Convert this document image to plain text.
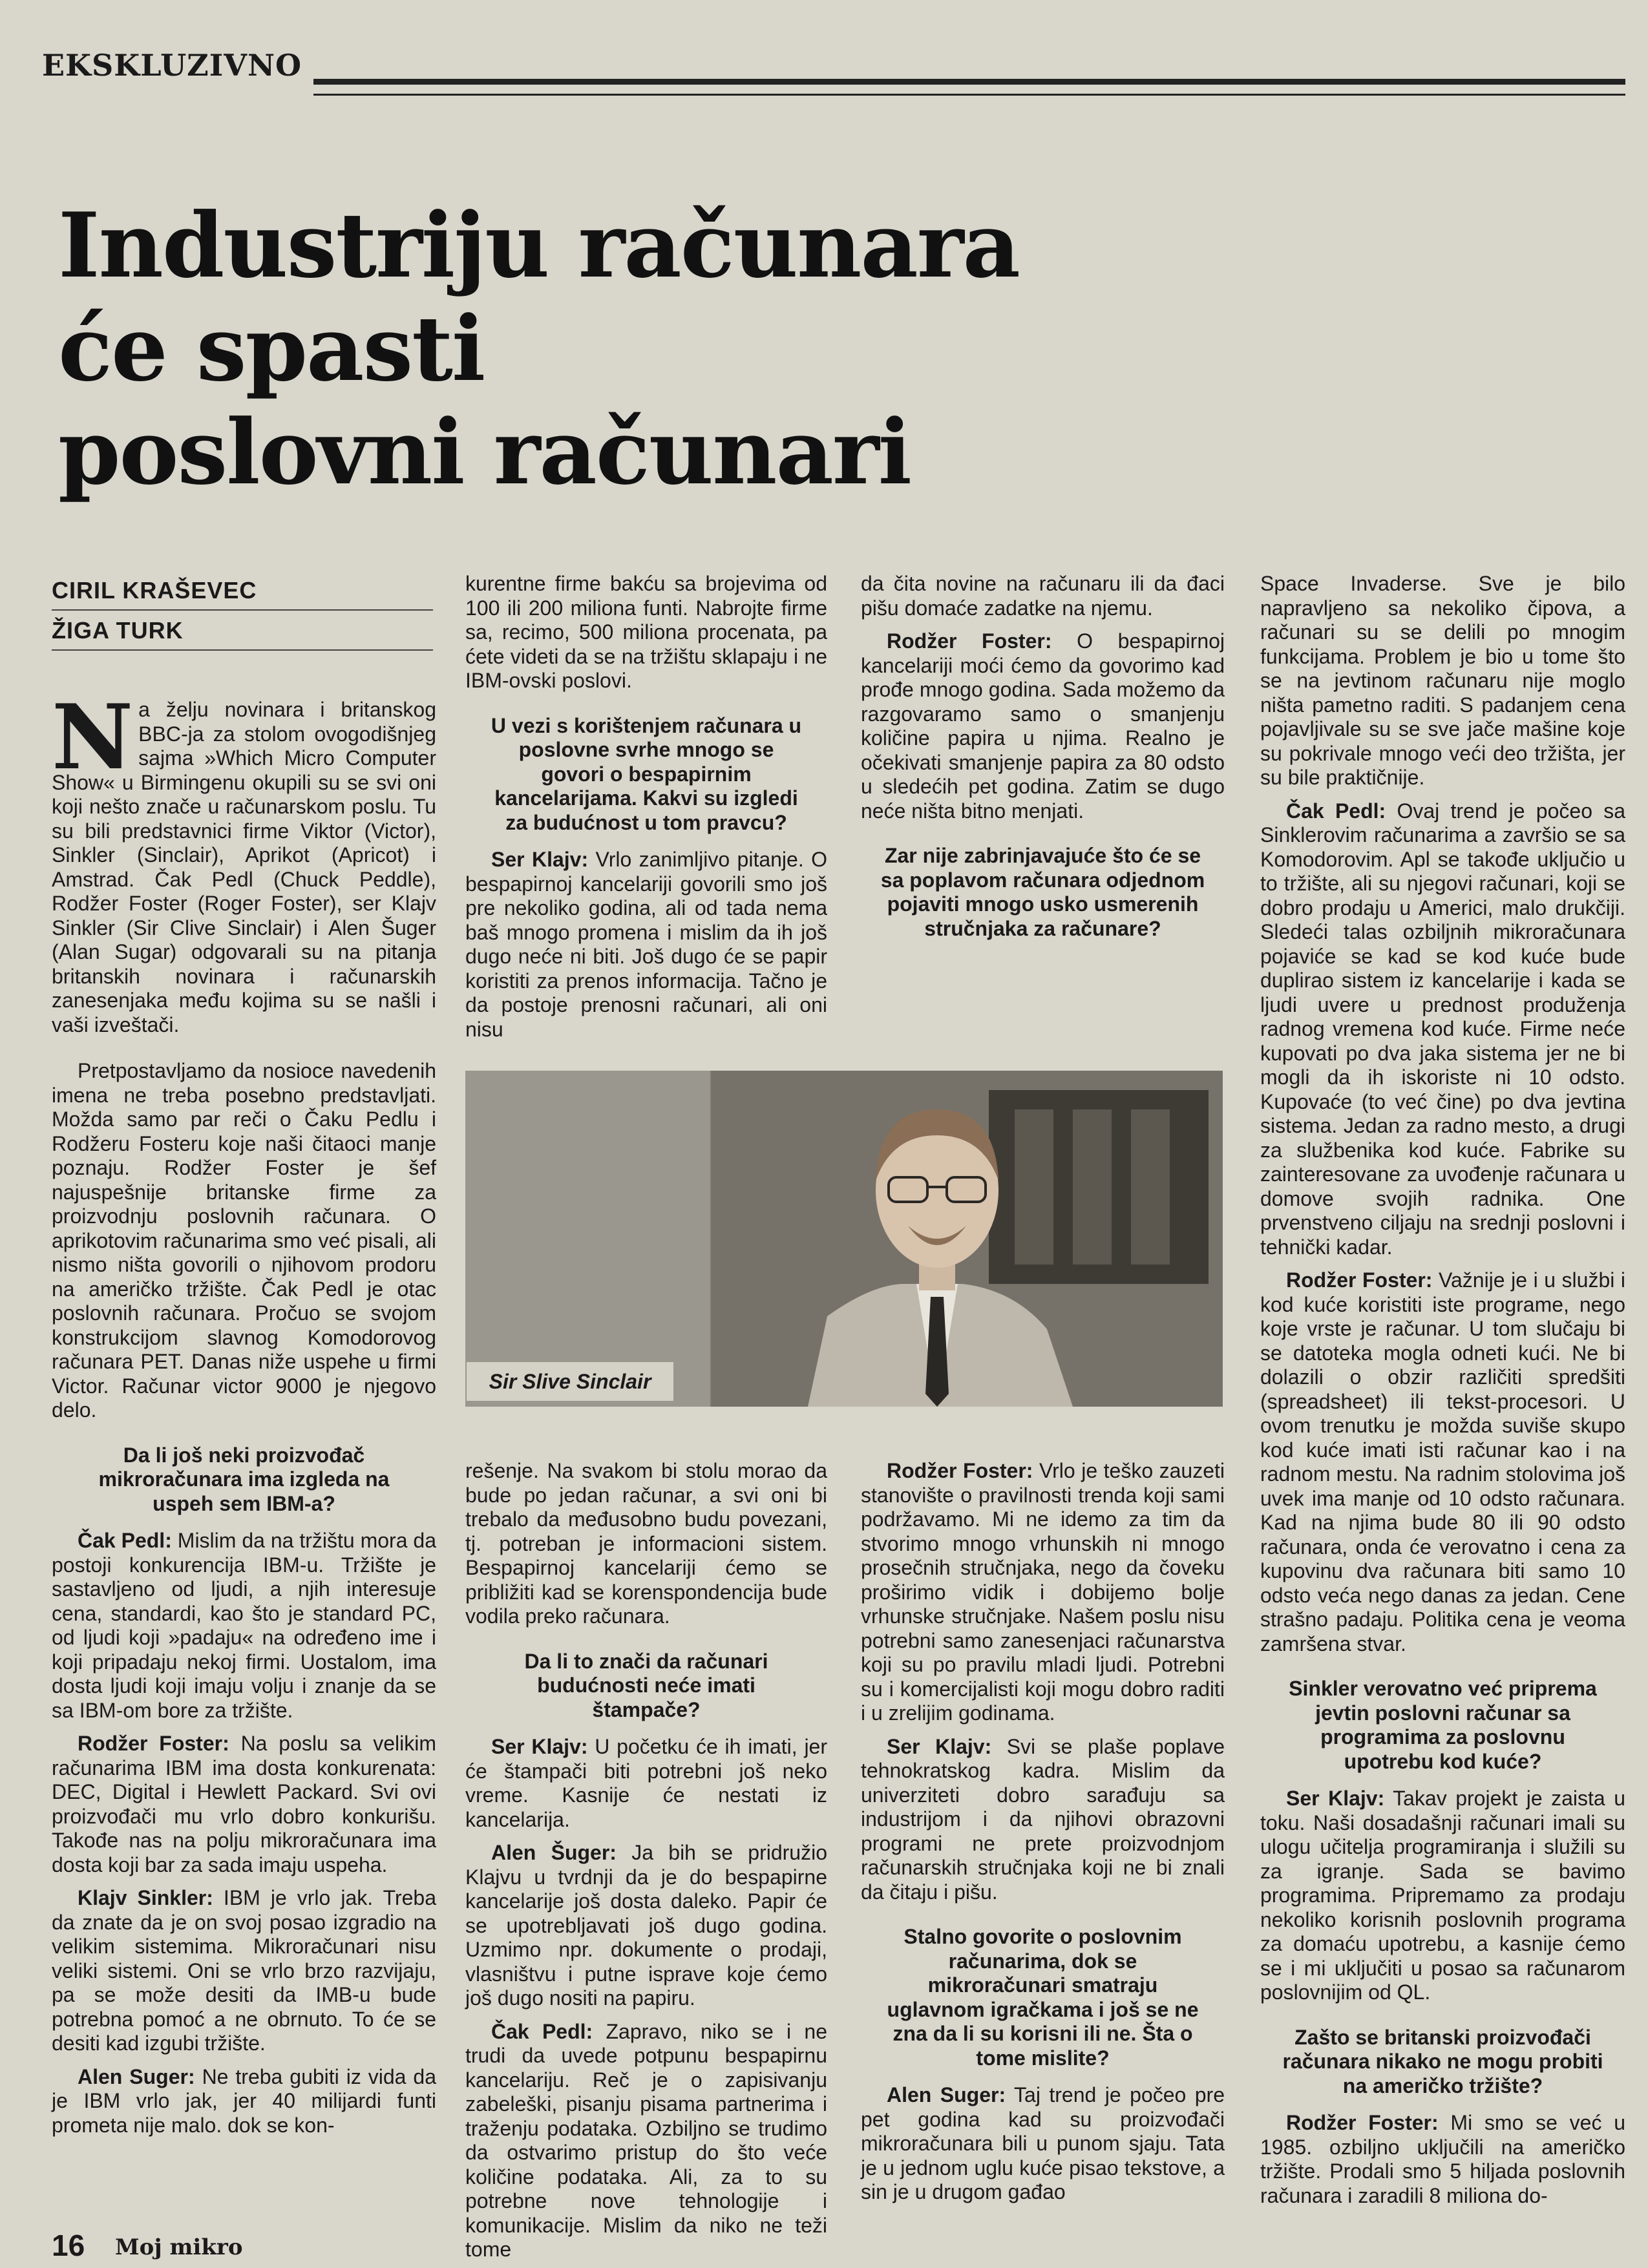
EKSKLUZIVNO
Industriju računara
će spasti
poslovni računari
CIRIL KRAŠEVEC
ŽIGA TURK

Na želju novinara i britanskog BBC-ja za stolom ovogodišnjeg sajma »Which Micro Computer Show« u Birmingenu okupili su se svi oni koji nešto znače u računarskom poslu. Tu su bili predstavnici firme Viktor (Victor), Sinkler (Sinclair), Aprikot (Apricot) i Amstrad. Čak Pedl (Chuck Peddle), Rodžer Foster (Roger Foster), ser Klajv Sinkler (Sir Clive Sinclair) i Alen Šuger (Alan Sugar) odgovarali su na pitanja britanskih novinara i računarskih zanesenjaka među kojima su se našli i vaši izveštači.

Pretpostavljamo da nosioce navedenih imena ne treba posebno predstavljati. Možda samo par reči o Čaku Pedlu i Rodžeru Fosteru koje naši čitaoci manje poznaju. Rodžer Foster je šef najuspešnije britanske firme za proizvodnju poslovnih računara. O aprikotovim računarima smo već pisali, ali nismo ništa govorili o njihovom prodoru na američko tržište. Čak Pedl je otac poslovnih računara. Pročuo se svojom konstrukcijom slavnog Komodorovog računara PET. Danas niže uspehe u firmi Victor. Računar victor 9000 je njegovo delo.

Da li još neki proizvođač mikroračunara ima izgleda na uspeh sem IBM-a?

Čak Pedl: Mislim da na tržištu mora da postoji konkurencija IBM-u. Tržište je sastavljeno od ljudi, a njih interesuje cena, standardi, kao što je standard PC, od ljudi koji »padaju« na određeno ime i koji pripadaju nekoj firmi. Uostalom, ima dosta ljudi koji imaju volju i znanje da se sa IBM-om bore za tržište.

Rodžer Foster: Na poslu sa velikim računarima IBM ima dosta konkurenata: DEC, Digital i Hewlett Packard. Svi ovi proizvođači mu vrlo dobro konkurišu. Takođe nas na polju mikroračunara ima dosta koji bar za sada imaju uspeha.

Klajv Sinkler: IBM je vrlo jak. Treba da znate da je on svoj posao izgradio na velikim sistemima. Mikroračunari nisu veliki sistemi. Oni se vrlo brzo razvijaju, pa se može desiti da IMB-u bude potrebna pomoć a ne obrnuto. To će se desiti kad izgubi tržište.

Alen Suger: Ne treba gubiti iz vida da je IBM vrlo jak, jer 40 milijardi funti prometa nije malo. dok se kon-

kurentne firme bakću sa brojevima od 100 ili 200 miliona funti. Nabrojte firme sa, recimo, 500 miliona procenata, pa ćete videti da se na tržištu sklapaju i ne IBM-ovski poslovi.

U vezi s korištenjem računara u poslovne svrhe mnogo se govori o bespapirnim kancelarijama. Kakvi su izgledi za budućnost u tom pravcu?

Ser Klajv: Vrlo zanimljivo pitanje. O bespapirnoj kancelariji govorili smo još pre nekoliko godina, ali od tada nema baš mnogo promena i mislim da ih još dugo neće ni biti. Još dugo će se papir koristiti za prenos informacija. Tačno je da postoje prenosni računari, ali oni nisu

da čita novine na računaru ili da đaci pišu domaće zadatke na njemu.

Rodžer Foster: O bespapirnoj kancelariji moći ćemo da govorimo kad prođe mnogo godina. Sada možemo da razgovaramo samo o smanjenju količine papira u njima. Realno je očekivati smanjenje papira za 80 odsto u sledećih pet godina. Zatim se dugo neće ništa bitno menjati.

Zar nije zabrinjavajuće što će se sa poplavom računara odjednom pojaviti mnogo usko usmerenih stručnjaka za računare?

Space Invaderse. Sve je bilo napravljeno sa nekoliko čipova, a računari su se delili po mnogim funkcijama. Problem je bio u tome što se na jevtinom računaru nije moglo ništa pametno raditi. S padanjem cena pojavljivale su se sve jače mašine koje su pokrivale mnogo veći deo tržišta, jer su bile praktičnije.

Čak Pedl: Ovaj trend je počeo sa Sinklerovim računarima a završio se sa Komodorovim. Apl se takođe uključio u to tržište, ali su njegovi računari, koji se dobro prodaju u Americi, malo drukčiji. Sledeći talas ozbiljnih mikroračunara pojaviće se kad se kod kuće bude duplirao sistem iz kancelarije i kada se ljudi uvere u prednost produženja radnog vremena kod kuće. Firme neće kupovati po dva jaka sistema jer ne bi mogli da ih iskoriste ni 10 odsto. Kupovaće (to već čine) po dva jevtina sistema. Jedan za radno mesto, a drugi za službenika kod kuće. Fabrike su zainteresovane za uvođenje računara u domove svojih radnika. One prvenstveno ciljaju na srednji poslovni i tehnički kadar.

Rodžer Foster: Važnije je i u službi i kod kuće koristiti iste programe, nego koje vrste je računar. U tom slučaju bi se datoteka mogla odneti kući. Ne bi dolazili o obzir različiti spredšiti (spreadsheet) ili tekst-procesori. U ovom trenutku je možda suviše skupo kod kuće imati isti računar kao i na radnom mestu. Na radnim stolovima još uvek ima manje od 10 odsto računara. Kad na njima bude 80 ili 90 odsto računara, onda će verovatno i cena za kupovinu dva računara biti samo 10 odsto veća nego danas za jedan. Cene strašno padaju. Politika cena je veoma zamršena stvar.

Sinkler verovatno već priprema jevtin poslovni računar sa programima za poslovnu upotrebu kod kuće?

Ser Klajv: Takav projekt je zaista u toku. Naši dosadašnji računari imali su ulogu učitelja programiranja i služili su za igranje. Sada se bavimo programima. Pripremamo za prodaju nekoliko korisnih poslovnih programa za domaću upotrebu, a kasnije ćemo se i mi uključiti u posao sa računarom poslovnijim od QL.

Zašto se britanski proizvođači računara nikako ne mogu probiti na američko tržište?

Rodžer Foster: Mi smo se već u 1985. ozbiljno uključili na američko tržište. Prodali smo 5 hiljada poslovnih računara i zaradili 8 miliona do-

rešenje. Na svakom bi stolu morao da bude po jedan računar, a svi oni bi trebalo da međusobno budu povezani, tj. potreban je informacioni sistem. Bespapirnoj kancelariji ćemo se približiti kad se korenspondencija bude vodila preko računara.

Da li to znači da računari budućnosti neće imati štampače?

Ser Klajv: U početku će ih imati, jer će štampači biti potrebni još neko vreme. Kasnije će nestati iz kancelarija.

Alen Šuger: Ja bih se pridružio Klajvu u tvrdnji da je do bespapirne kancelarije još dosta daleko. Papir će se upotrebljavati još dugo godina. Uzmimo npr. dokumente o prodaji, vlasništvu i putne isprave koje ćemo još dugo nositi na papiru.

Čak Pedl: Zapravo, niko se i ne trudi da uvede potpunu bespapirnu kancelariju. Reč je o zapisivanju zabeleški, pisanju pisama partnerima i traženju podataka. Ozbiljno se trudimo da ostvarimo pristup do što veće količine podataka. Ali, za to su potrebne nove tehnologije i komunikacije. Mislim da niko ne teži tome

Rodžer Foster: Vrlo je teško zauzeti stanovište o pravilnosti trenda koji sami podržavamo. Mi ne idemo za tim da stvorimo mnogo vrhunskih ni mnogo prosečnih stručnjaka, nego da čoveku proširimo vidik i dobijemo bolje vrhunske stručnjake. Našem poslu nisu potrebni samo zanesenjaci računarstva koji su po pravilu mladi ljudi. Potrebni su i komercijalisti koji mogu dobro raditi i u zrelijim godinama.

Ser Klajv: Svi se plaše poplave tehnokratskog kadra. Mislim da univerziteti dobro sarađuju sa industrijom i da njihovi obrazovni programi ne prete proizvodnjom računarskih stručnjaka koji ne bi znali da čitaju i pišu.

Stalno govorite o poslovnim računarima, dok se mikroračunari smatraju uglavnom igračkama i još se ne zna da li su korisni ili ne. Šta o tome mislite?

Alen Suger: Taj trend je počeo pre pet godina kad su proizvođači mikroračunara bili u punom sjaju. Tata je u jednom uglu kuće pisao tekstove, a sin je u drugom gađao

Sir Slive Sinclair
16 Moj mikro
